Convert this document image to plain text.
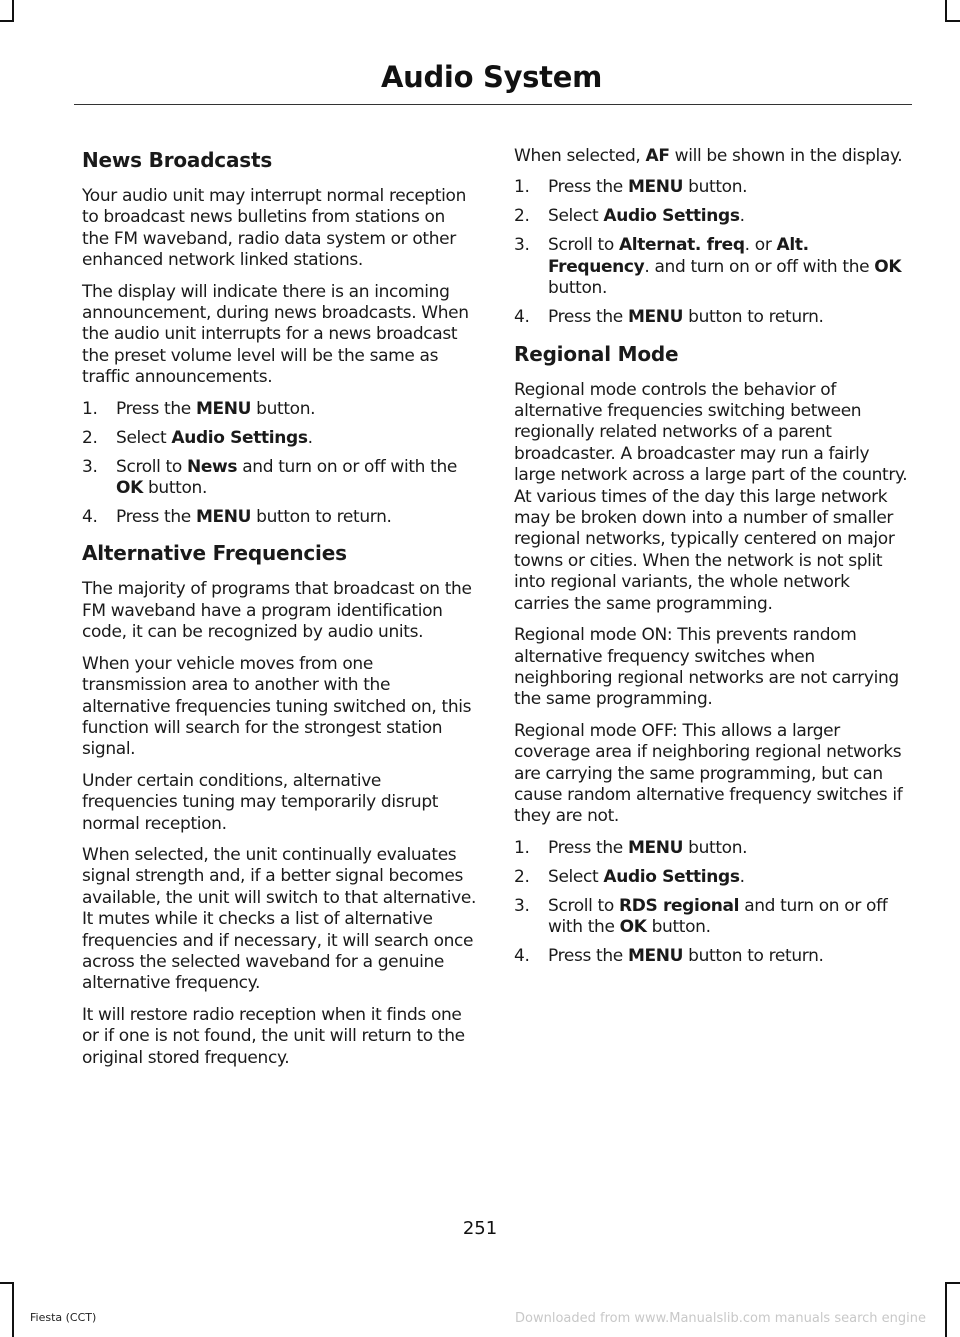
Audio System
News Broadcasts

Your audio unit may interrupt normal reception to broadcast news bulletins from stations on the FM waveband, radio data system or other enhanced network linked stations.

The display will indicate there is an incoming announcement, during news broadcasts. When the audio unit interrupts for a news broadcast the preset volume level will be the same as traffic announcements.

1. Press the MENU button.
2. Select Audio Settings.
3. Scroll to News and turn on or off with the OK button.
4. Press the MENU button to return.
Alternative Frequencies

The majority of programs that broadcast on the FM waveband have a program identification code, it can be recognized by audio units.

When your vehicle moves from one transmission area to another with the alternative frequencies tuning switched on, this function will search for the strongest station signal.

Under certain conditions, alternative frequencies tuning may temporarily disrupt normal reception.

When selected, the unit continually evaluates signal strength and, if a better signal becomes available, the unit will switch to that alternative. It mutes while it checks a list of alternative frequencies and if necessary, it will search once across the selected waveband for a genuine alternative frequency.

It will restore radio reception when it finds one or if one is not found, the unit will return to the original stored frequency.

When selected, AF will be shown in the display.

1. Press the MENU button.
2. Select Audio Settings.
3. Scroll to Alternat. freq. or Alt. Frequency. and turn on or off with the OK button.
4. Press the MENU button to return.
Regional Mode

Regional mode controls the behavior of alternative frequencies switching between regionally related networks of a parent broadcaster. A broadcaster may run a fairly large network across a large part of the country. At various times of the day this large network may be broken down into a number of smaller regional networks, typically centered on major towns or cities. When the network is not split into regional variants, the whole network carries the same programming.

Regional mode ON: This prevents random alternative frequency switches when neighboring regional networks are not carrying the same programming.

Regional mode OFF: This allows a larger coverage area if neighboring regional networks are carrying the same programming, but can cause random alternative frequency switches if they are not.

1. Press the MENU button.
2. Select Audio Settings.
3. Scroll to RDS regional and turn on or off with the OK button.
4. Press the MENU button to return.
251
Fiesta (CCT)	Downloaded from www.Manualslib.com manuals search engine
